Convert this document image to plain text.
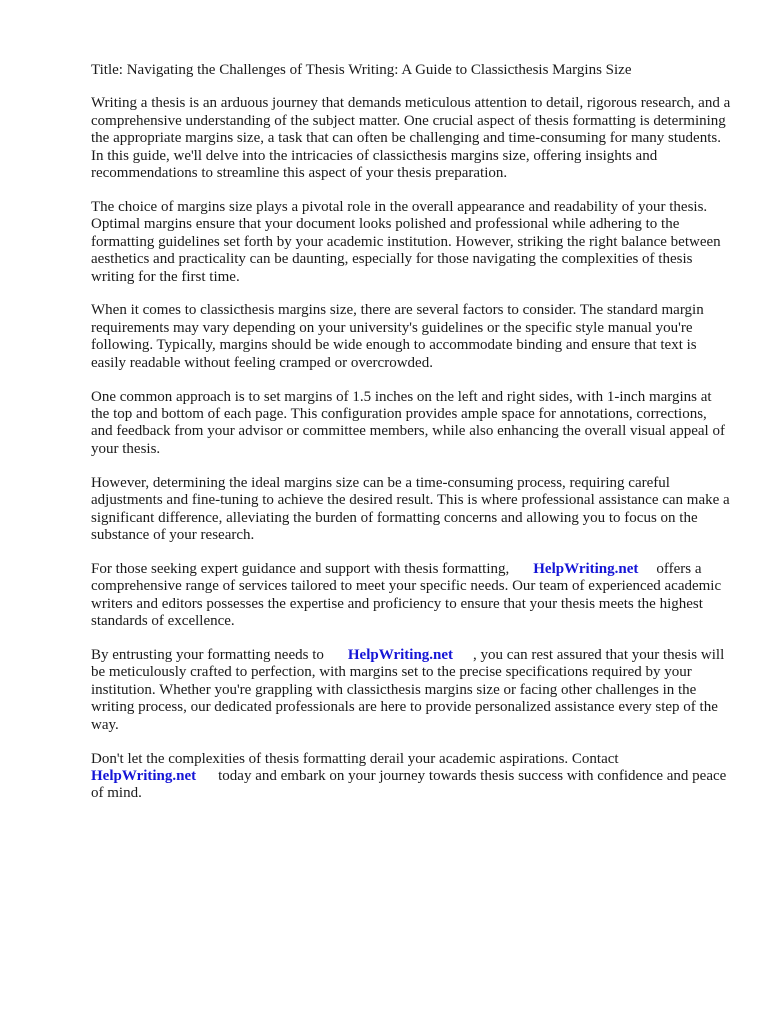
Title: Navigating the Challenges of Thesis Writing: A Guide to Classicthesis Margins Size

Writing a thesis is an arduous journey that demands meticulous attention to detail, rigorous research, and a comprehensive understanding of the subject matter. One crucial aspect of thesis formatting is determining the appropriate margins size, a task that can often be challenging and time-consuming for many students. In this guide, we'll delve into the intricacies of classicthesis margins size, offering insights and recommendations to streamline this aspect of your thesis preparation.

The choice of margins size plays a pivotal role in the overall appearance and readability of your thesis. Optimal margins ensure that your document looks polished and professional while adhering to the formatting guidelines set forth by your academic institution. However, striking the right balance between aesthetics and practicality can be daunting, especially for those navigating the complexities of thesis writing for the first time.

When it comes to classicthesis margins size, there are several factors to consider. The standard margin requirements may vary depending on your university's guidelines or the specific style manual you're following. Typically, margins should be wide enough to accommodate binding and ensure that text is easily readable without feeling cramped or overcrowded.

One common approach is to set margins of 1.5 inches on the left and right sides, with 1-inch margins at the top and bottom of each page. This configuration provides ample space for annotations, corrections, and feedback from your advisor or committee members, while also enhancing the overall visual appeal of your thesis.

However, determining the ideal margins size can be a time-consuming process, requiring careful adjustments and fine-tuning to achieve the desired result. This is where professional assistance can make a significant difference, alleviating the burden of formatting concerns and allowing you to focus on the substance of your research.

For those seeking expert guidance and support with thesis formatting, HelpWriting.net offers a comprehensive range of services tailored to meet your specific needs. Our team of experienced academic writers and editors possesses the expertise and proficiency to ensure that your thesis meets the highest standards of excellence.

By entrusting your formatting needs to HelpWriting.net , you can rest assured that your thesis will be meticulously crafted to perfection, with margins set to the precise specifications required by your institution. Whether you're grappling with classicthesis margins size or facing other challenges in the writing process, our dedicated professionals are here to provide personalized assistance every step of the way.

Don't let the complexities of thesis formatting derail your academic aspirations. Contact
HelpWriting.net today and embark on your journey towards thesis success with confidence and peace of mind.
